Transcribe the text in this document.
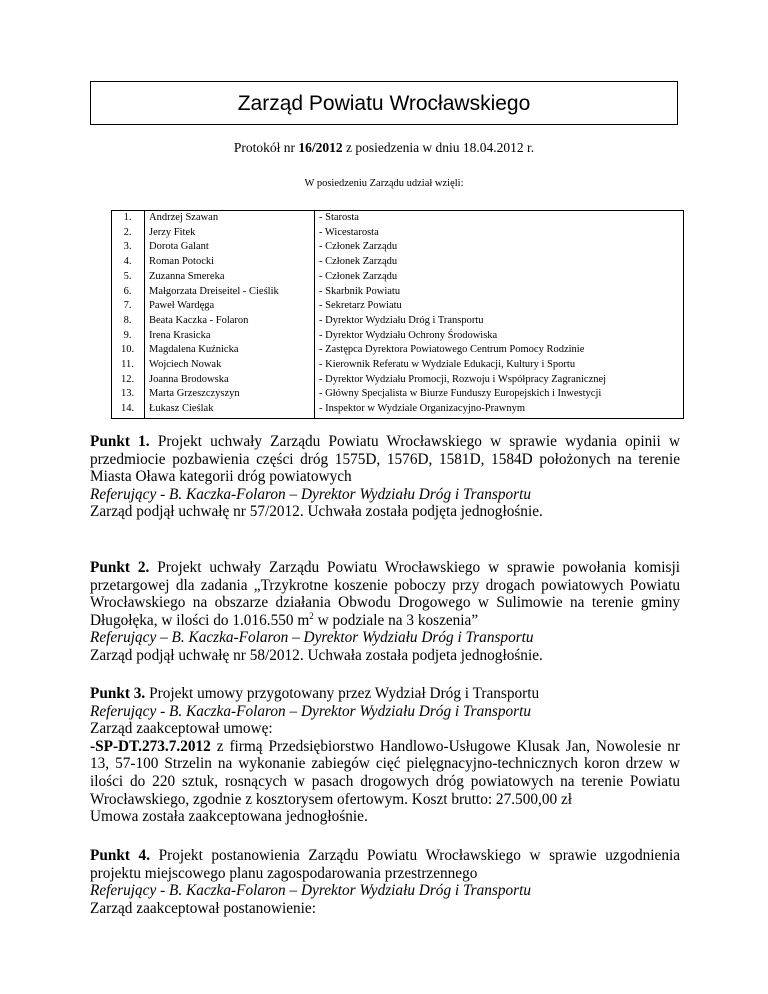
Zarząd Powiatu Wrocławskiego
Protokół nr 16/2012 z posiedzenia w dniu 18.04.2012 r.
W posiedzeniu Zarządu udział wzięli:
1.	Andrzej Szawan	- Starosta
2.	Jerzy Fitek	- Wicestarosta
3.	Dorota Galant	- Członek Zarządu
4.	Roman Potocki	- Członek Zarządu
5.	Zuzanna Smereka	- Członek Zarządu
6.	Małgorzata Dreiseitel - Cieślik	- Skarbnik Powiatu
7.	Paweł Wardęga	- Sekretarz Powiatu
8.	Beata Kaczka - Folaron	- Dyrektor Wydziału Dróg i Transportu
9.	Irena Krasicka	- Dyrektor Wydziału Ochrony Środowiska
10.	Magdalena Kuźnicka	- Zastępca Dyrektora Powiatowego Centrum Pomocy Rodzinie
11.	Wojciech Nowak	- Kierownik Referatu w Wydziale Edukacji, Kultury i Sportu
12.	Joanna Brodowska	- Dyrektor Wydziału Promocji, Rozwoju i Współpracy Zagranicznej
13.	Marta Grzeszczyszyn	- Główny Specjalista w Biurze Funduszy Europejskich i Inwestycji
14.	Łukasz Cieślak	- Inspektor w Wydziale Organizacyjno-Prawnym

Punkt 1. Projekt uchwały Zarządu Powiatu Wrocławskiego w sprawie wydania opinii w przedmiocie pozbawienia części dróg 1575D, 1576D, 1581D, 1584D położonych na terenie Miasta Oława kategorii dróg powiatowych

Referujący - B. Kaczka-Folaron – Dyrektor Wydziału Dróg i Transportu

Zarząd podjął uchwałę nr 57/2012. Uchwała została podjęta jednogłośnie.

Punkt 2. Projekt uchwały Zarządu Powiatu Wrocławskiego w sprawie powołania komisji przetargowej dla zadania „Trzykrotne koszenie poboczy przy drogach powiatowych Powiatu Wrocławskiego na obszarze działania Obwodu Drogowego w Sulimowie na terenie gminy Długołęka, w ilości do 1.016.550 $m^2$ w podziale na 3 koszenia”

Referujący – B. Kaczka-Folaron – Dyrektor Wydziału Dróg i Transportu

Zarząd podjął uchwałę nr 58/2012. Uchwała została podjeta jednogłośnie.

Punkt 3. Projekt umowy przygotowany przez Wydział Dróg i Transportu

Referujący - B. Kaczka-Folaron – Dyrektor Wydziału Dróg i Transportu

Zarząd zaakceptował umowę:

-SP-DT.273.7.2012 z firmą Przedsiębiorstwo Handlowo-Usługowe Klusak Jan, Nowolesie nr 13, 57-100 Strzelin na wykonanie zabiegów cięć pielęgnacyjno-technicznych koron drzew w ilości do 220 sztuk, rosnących w pasach drogowych dróg powiatowych na terenie Powiatu Wrocławskiego, zgodnie z kosztorysem ofertowym. Koszt brutto: 27.500,00 zł

Umowa została zaakceptowana jednogłośnie.

Punkt 4. Projekt postanowienia Zarządu Powiatu Wrocławskiego w sprawie uzgodnienia projektu miejscowego planu zagospodarowania przestrzennego

Referujący - B. Kaczka-Folaron – Dyrektor Wydziału Dróg i Transportu

Zarząd zaakceptował postanowienie:
